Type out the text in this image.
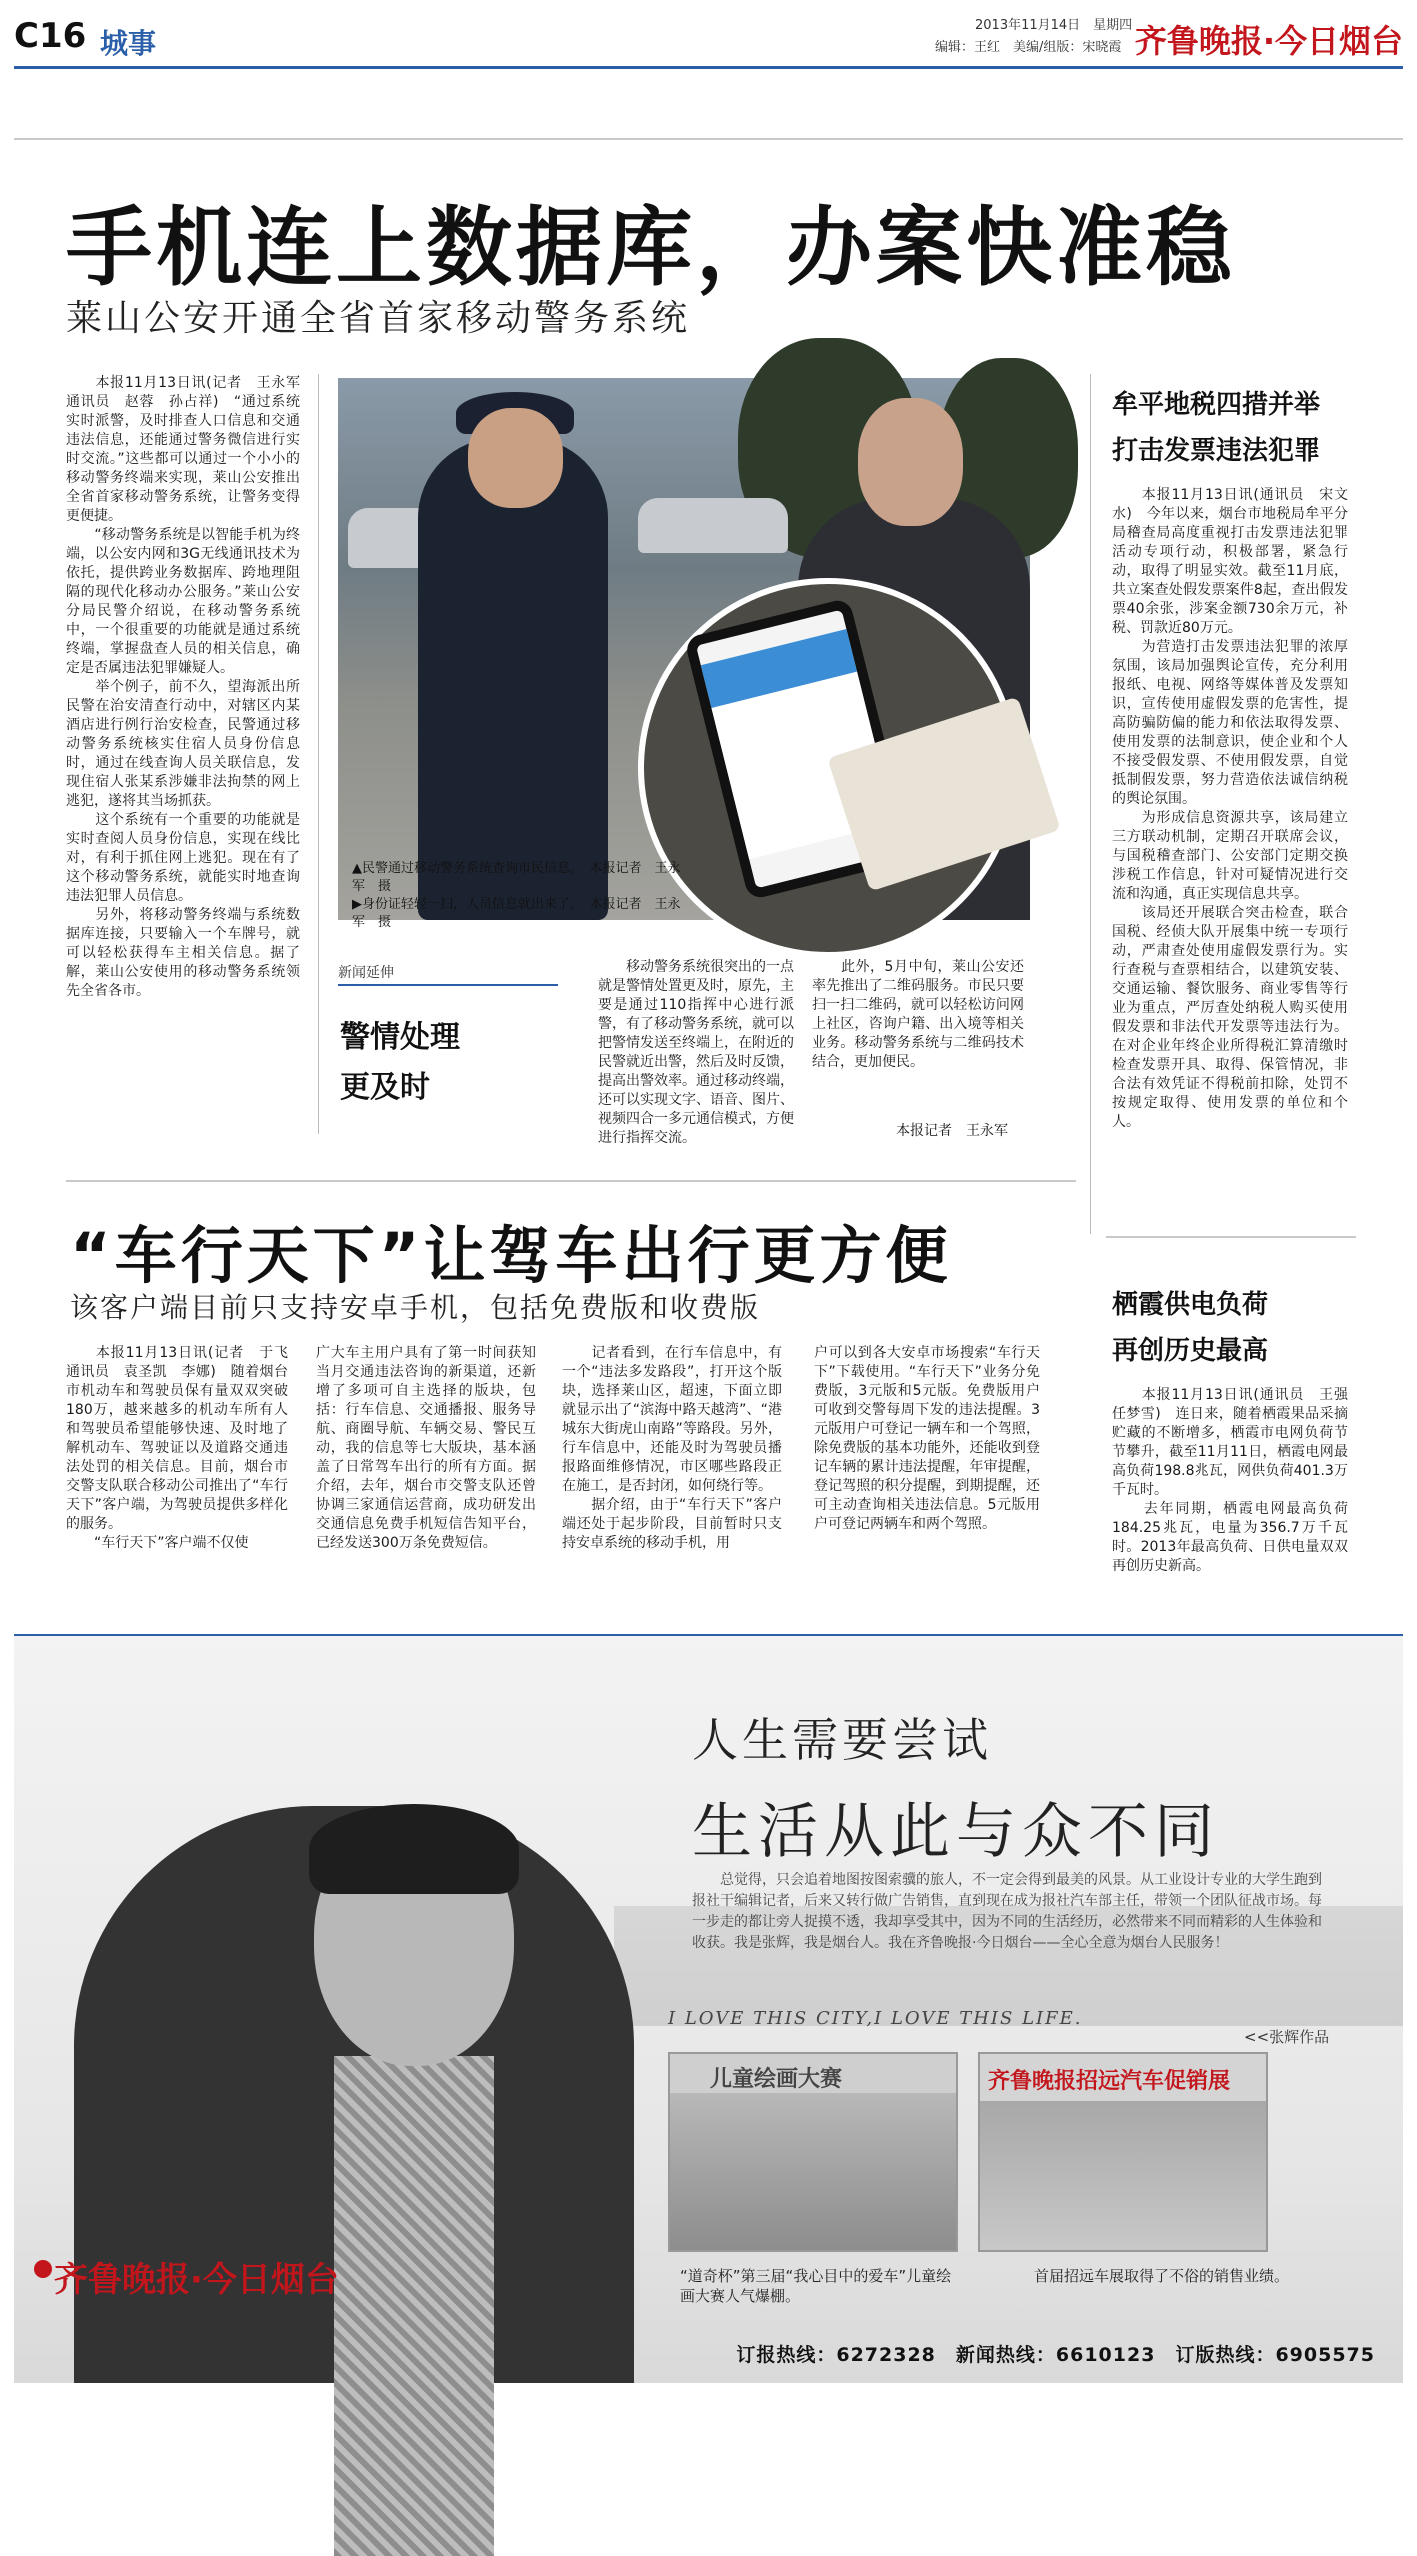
C16 城事
2013年11月14日　星期四
编辑：王红　美编/组版：宋晓霞 齐鲁晚报·今日烟台
手机连上数据库，办案快准稳
莱山公安开通全省首家移动警务系统
　　本报11月13日讯(记者　王永军　通讯员　赵蓉　孙占祥)　“通过系统实时派警，及时排查人口信息和交通违法信息，还能通过警务微信进行实时交流。”这些都可以通过一个小小的移动警务终端来实现，莱山公安推出全省首家移动警务系统，让警务变得更便捷。
　　“移动警务系统是以智能手机为终端，以公安内网和3G无线通讯技术为依托，提供跨业务数据库、跨地理阻隔的现代化移动办公服务。”莱山公安分局民警介绍说，在移动警务系统中，一个很重要的功能就是通过系统终端，掌握盘查人员的相关信息，确定是否属违法犯罪嫌疑人。
　　举个例子，前不久，望海派出所民警在治安清查行动中，对辖区内某酒店进行例行治安检查，民警通过移动警务系统核实住宿人员身份信息时，通过在线查询人员关联信息，发现住宿人张某系涉嫌非法拘禁的网上逃犯，遂将其当场抓获。
　　这个系统有一个重要的功能就是实时查阅人员身份信息，实现在线比对，有利于抓住网上逃犯。现在有了这个移动警务系统，就能实时地查询违法犯罪人员信息。
　　另外，将移动警务终端与系统数据库连接，只要输入一个车牌号，就可以轻松获得车主相关信息。据了解，莱山公安使用的移动警务系统领先全省各市。
▲民警通过移动警务系统查询市民信息。　本报记者　王永军　摄
▶身份证轻轻一扫，人员信息就出来了。　本报记者　王永军　摄
新闻延伸
警情处理
更及时
　　移动警务系统很突出的一点就是警情处置更及时，原先，主要是通过110指挥中心进行派警，有了移动警务系统，就可以把警情发送至终端上，在附近的民警就近出警，然后及时反馈，提高出警效率。通过移动终端，还可以实现文字、语音、图片、视频四合一多元通信模式，方便进行指挥交流。
　　此外，5月中旬，莱山公安还率先推出了二维码服务。市民只要扫一扫二维码，就可以轻松访问网上社区，咨询户籍、出入境等相关业务。移动警务系统与二维码技术结合，更加便民。
本报记者　王永军
牟平地税四措并举
打击发票违法犯罪
　　本报11月13日讯(通讯员　宋文水)　今年以来，烟台市地税局牟平分局稽查局高度重视打击发票违法犯罪活动专项行动，积极部署，紧急行动，取得了明显实效。截至11月底，共立案查处假发票案件8起，查出假发票40余张，涉案金额730余万元，补税、罚款近80万元。
　　为营造打击发票违法犯罪的浓厚氛围，该局加强舆论宣传，充分利用报纸、电视、网络等媒体普及发票知识，宣传使用虚假发票的危害性，提高防骗防偏的能力和依法取得发票、使用发票的法制意识，使企业和个人不接受假发票、不使用假发票，自觉抵制假发票，努力营造依法诚信纳税的舆论氛围。
　　为形成信息资源共享，该局建立三方联动机制，定期召开联席会议，与国税稽查部门、公安部门定期交换涉税工作信息，针对可疑情况进行交流和沟通，真正实现信息共享。
　　该局还开展联合突击检查，联合国税、经侦大队开展集中统一专项行动，严肃查处使用虚假发票行为。实行查税与查票相结合，以建筑安装、交通运输、餐饮服务、商业零售等行业为重点，严厉查处纳税人购买使用假发票和非法代开发票等违法行为。在对企业年终企业所得税汇算清缴时检查发票开具、取得、保管情况，非合法有效凭证不得税前扣除，处罚不按规定取得、使用发票的单位和个人。
“车行天下”让驾车出行更方便
该客户端目前只支持安卓手机，包括免费版和收费版
　　本报11月13日讯(记者　于飞　通讯员　袁圣凯　李娜)　随着烟台市机动车和驾驶员保有量双双突破180万，越来越多的机动车所有人和驾驶员希望能够快速、及时地了解机动车、驾驶证以及道路交通违法处罚的相关信息。目前，烟台市交警支队联合移动公司推出了“车行天下”客户端，为驾驶员提供多样化的服务。
　　“车行天下”客户端不仅使
广大车主用户具有了第一时间获知当月交通违法咨询的新渠道，还新增了多项可自主选择的版块，包括：行车信息、交通播报、服务导航、商圈导航、车辆交易、警民互动，我的信息等七大版块，基本涵盖了日常驾车出行的所有方面。据介绍，去年，烟台市交警支队还曾协调三家通信运营商，成功研发出交通信息免费手机短信告知平台，已经发送300万条免费短信。
　　记者看到，在行车信息中，有一个“违法多发路段”，打开这个版块，选择莱山区，超速，下面立即就显示出了“滨海中路天越湾”、“港城东大街虎山南路”等路段。另外，行车信息中，还能及时为驾驶员播报路面维修情况，市区哪些路段正在施工，是否封闭，如何绕行等。
　　据介绍，由于“车行天下”客户端还处于起步阶段，目前暂时只支持安卓系统的移动手机，用
户可以到各大安卓市场搜索“车行天下”下载使用。“车行天下”业务分免费版，3元版和5元版。免费版用户可收到交警每周下发的违法提醒。3元版用户可登记一辆车和一个驾照，除免费版的基本功能外，还能收到登记车辆的累计违法提醒，年审提醒，登记驾照的积分提醒，到期提醒，还可主动查询相关违法信息。5元版用户可登记两辆车和两个驾照。
栖霞供电负荷
再创历史最高
　　本报11月13日讯(通讯员　王强　任梦雪)　连日来，随着栖霞果品采摘贮藏的不断增多，栖霞市电网负荷节节攀升，截至11月11日，栖霞电网最高负荷198.8兆瓦，网供负荷401.3万千瓦时。
　　去年同期，栖霞电网最高负荷184.25兆瓦，电量为356.7万千瓦时。2013年最高负荷、日供电量双双再创历史新高。
人生需要尝试
生活从此与众不同
　　总觉得，只会追着地图按图索骥的旅人，不一定会得到最美的风景。从工业设计专业的大学生跑到报社干编辑记者，后来又转行做广告销售，直到现在成为报社汽车部主任，带领一个团队征战市场。每一步走的都让旁人捉摸不透，我却享受其中，因为不同的生活经历，必然带来不同而精彩的人生体验和收获。我是张辉，我是烟台人。我在齐鲁晚报·今日烟台——全心全意为烟台人民服务！
I LOVE THIS CITY,I LOVE THIS LIFE.
<<张辉作品
儿童绘画大赛
“道奇杯”第三届“我心目中的爱车”儿童绘画大赛人气爆棚。
齐鲁晚报招远汽车促销展
首届招远车展取得了不俗的销售业绩。
齐鲁晚报·今日烟台
订报热线：6272328　新闻热线：6610123　订版热线：6905575
